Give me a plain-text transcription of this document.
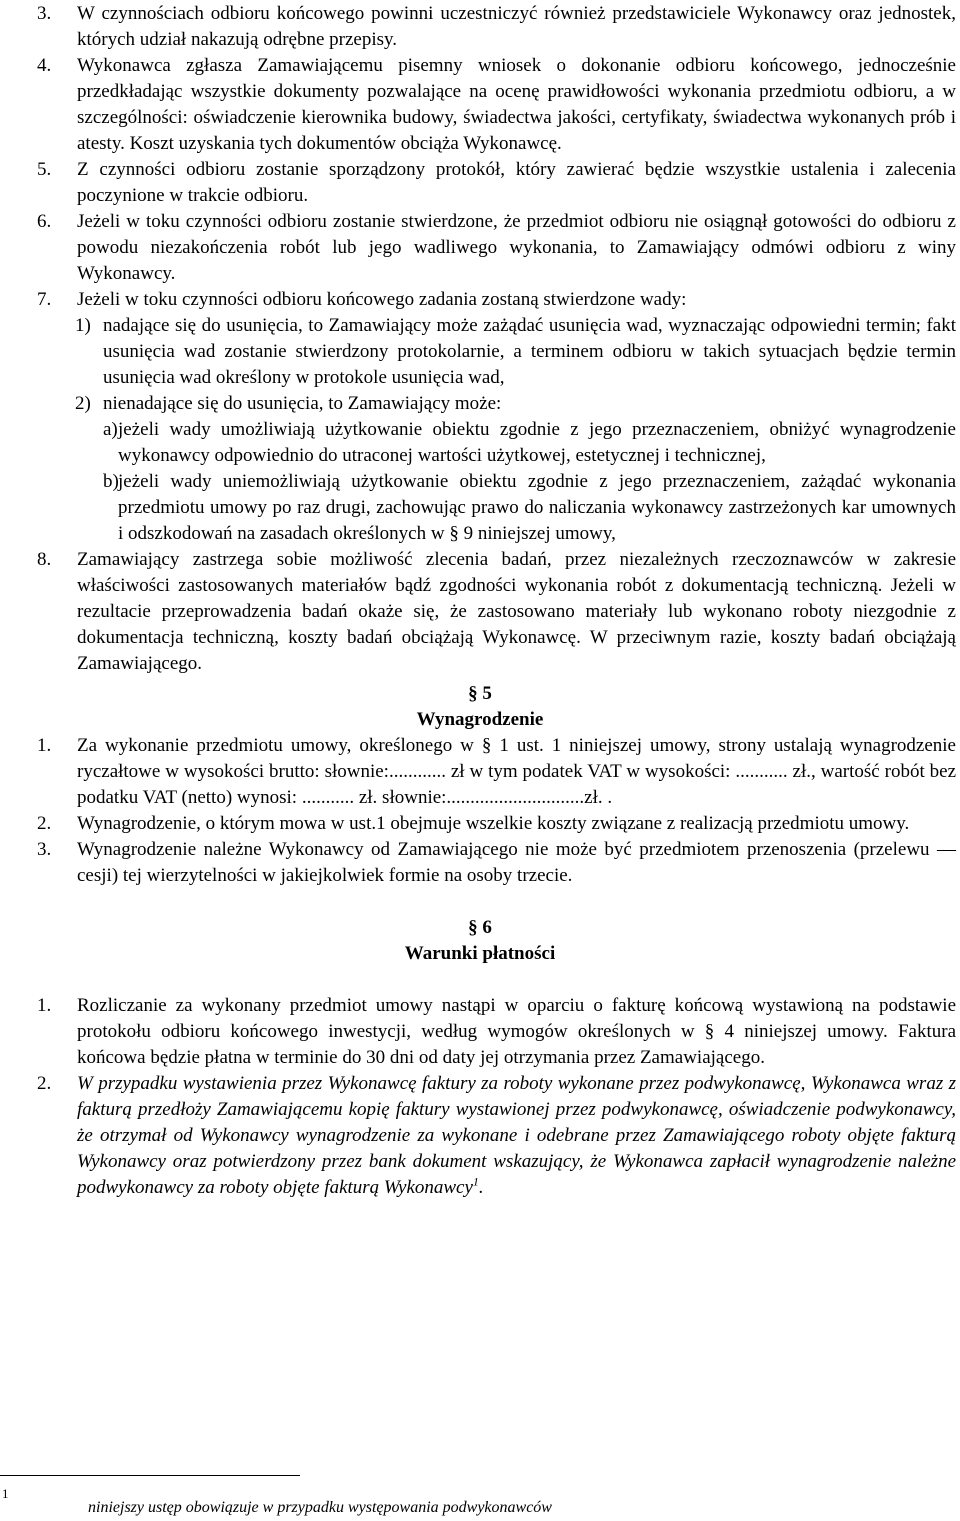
3. W czynnościach odbioru końcowego powinni uczestniczyć również przedstawiciele Wykonawcy oraz jednostek, których udział nakazują odrębne przepisy.
4. Wykonawca zgłasza Zamawiającemu pisemny wniosek o dokonanie odbioru końcowego, jednocześnie przedkładając wszystkie dokumenty pozwalające na ocenę prawidłowości wykonania przedmiotu odbioru, a w szczególności: oświadczenie kierownika budowy, świadectwa jakości, certyfikaty, świadectwa wykonanych prób i atesty. Koszt uzyskania tych dokumentów obciąża Wykonawcę.
5. Z czynności odbioru zostanie sporządzony protokół, który zawierać będzie wszystkie ustalenia i zalecenia poczynione w trakcie odbioru.
6. Jeżeli w toku czynności odbioru zostanie stwierdzone, że przedmiot odbioru nie osiągnął gotowości do odbioru z powodu niezakończenia robót lub jego wadliwego wykonania, to Zamawiający odmówi odbioru z winy Wykonawcy.
7. Jeżeli w toku czynności odbioru końcowego zadania zostaną stwierdzone wady:
1) nadające się do usunięcia, to Zamawiający może zażądać usunięcia wad, wyznaczając odpowiedni termin; fakt usunięcia wad zostanie stwierdzony protokolarnie, a terminem odbioru w takich sytuacjach będzie termin usunięcia wad określony w protokole usunięcia wad,
2) nienadające się do usunięcia, to Zamawiający może:
a) jeżeli wady umożliwiają użytkowanie obiektu zgodnie z jego przeznaczeniem, obniżyć wynagrodzenie wykonawcy odpowiednio do utraconej wartości użytkowej, estetycznej i technicznej,
b) jeżeli wady uniemożliwiają użytkowanie obiektu zgodnie z jego przeznaczeniem, zażądać wykonania przedmiotu umowy po raz drugi, zachowując prawo do naliczania wykonawcy zastrzeżonych kar umownych i odszkodowań na zasadach określonych w § 9 niniejszej umowy,
8. Zamawiający zastrzega sobie możliwość zlecenia badań, przez niezależnych rzeczoznawców w zakresie właściwości zastosowanych materiałów bądź zgodności wykonania robót z dokumentacją techniczną. Jeżeli w rezultacie przeprowadzenia badań okaże się, że zastosowano materiały lub wykonano roboty niezgodnie z dokumentacja techniczną, koszty badań obciążają Wykonawcę. W przeciwnym razie, koszty badań obciążają Zamawiającego.
§ 5
Wynagrodzenie
1. Za wykonanie przedmiotu umowy, określonego w § 1 ust. 1 niniejszej umowy, strony ustalają wynagrodzenie ryczałtowe w wysokości brutto: słownie:............ zł w tym podatek VAT w wysokości: ........... zł., wartość robót bez podatku VAT (netto) wynosi: ........... zł. słownie:.............................zł. .
2. Wynagrodzenie, o którym mowa w ust.1 obejmuje wszelkie koszty związane z realizacją przedmiotu umowy.
3. Wynagrodzenie należne Wykonawcy od Zamawiającego nie może być przedmiotem przenoszenia (przelewu — cesji) tej wierzytelności w jakiejkolwiek formie na osoby trzecie.
§ 6
Warunki płatności
1. Rozliczanie za wykonany przedmiot umowy nastąpi w oparciu o fakturę końcową wystawioną na podstawie protokołu odbioru końcowego inwestycji, według wymogów określonych w § 4 niniejszej umowy. Faktura końcowa będzie płatna w terminie do 30 dni od daty jej otrzymania przez Zamawiającego.
2. W przypadku wystawienia przez Wykonawcę faktury za roboty wykonane przez podwykonawcę, Wykonawca wraz z fakturą przedłoży Zamawiającemu kopię faktury wystawionej przez podwykonawcę, oświadczenie podwykonawcy, że otrzymał od Wykonawcy wynagrodzenie za wykonane i odebrane przez Zamawiającego roboty objęte fakturą Wykonawcy oraz potwierdzony przez bank dokument wskazujący, że Wykonawca zapłacił wynagrodzenie należne podwykonawcy za roboty objęte fakturą Wykonawcy$^1$.
1
niniejszy ustęp obowiązuje w przypadku występowania podwykonawców
